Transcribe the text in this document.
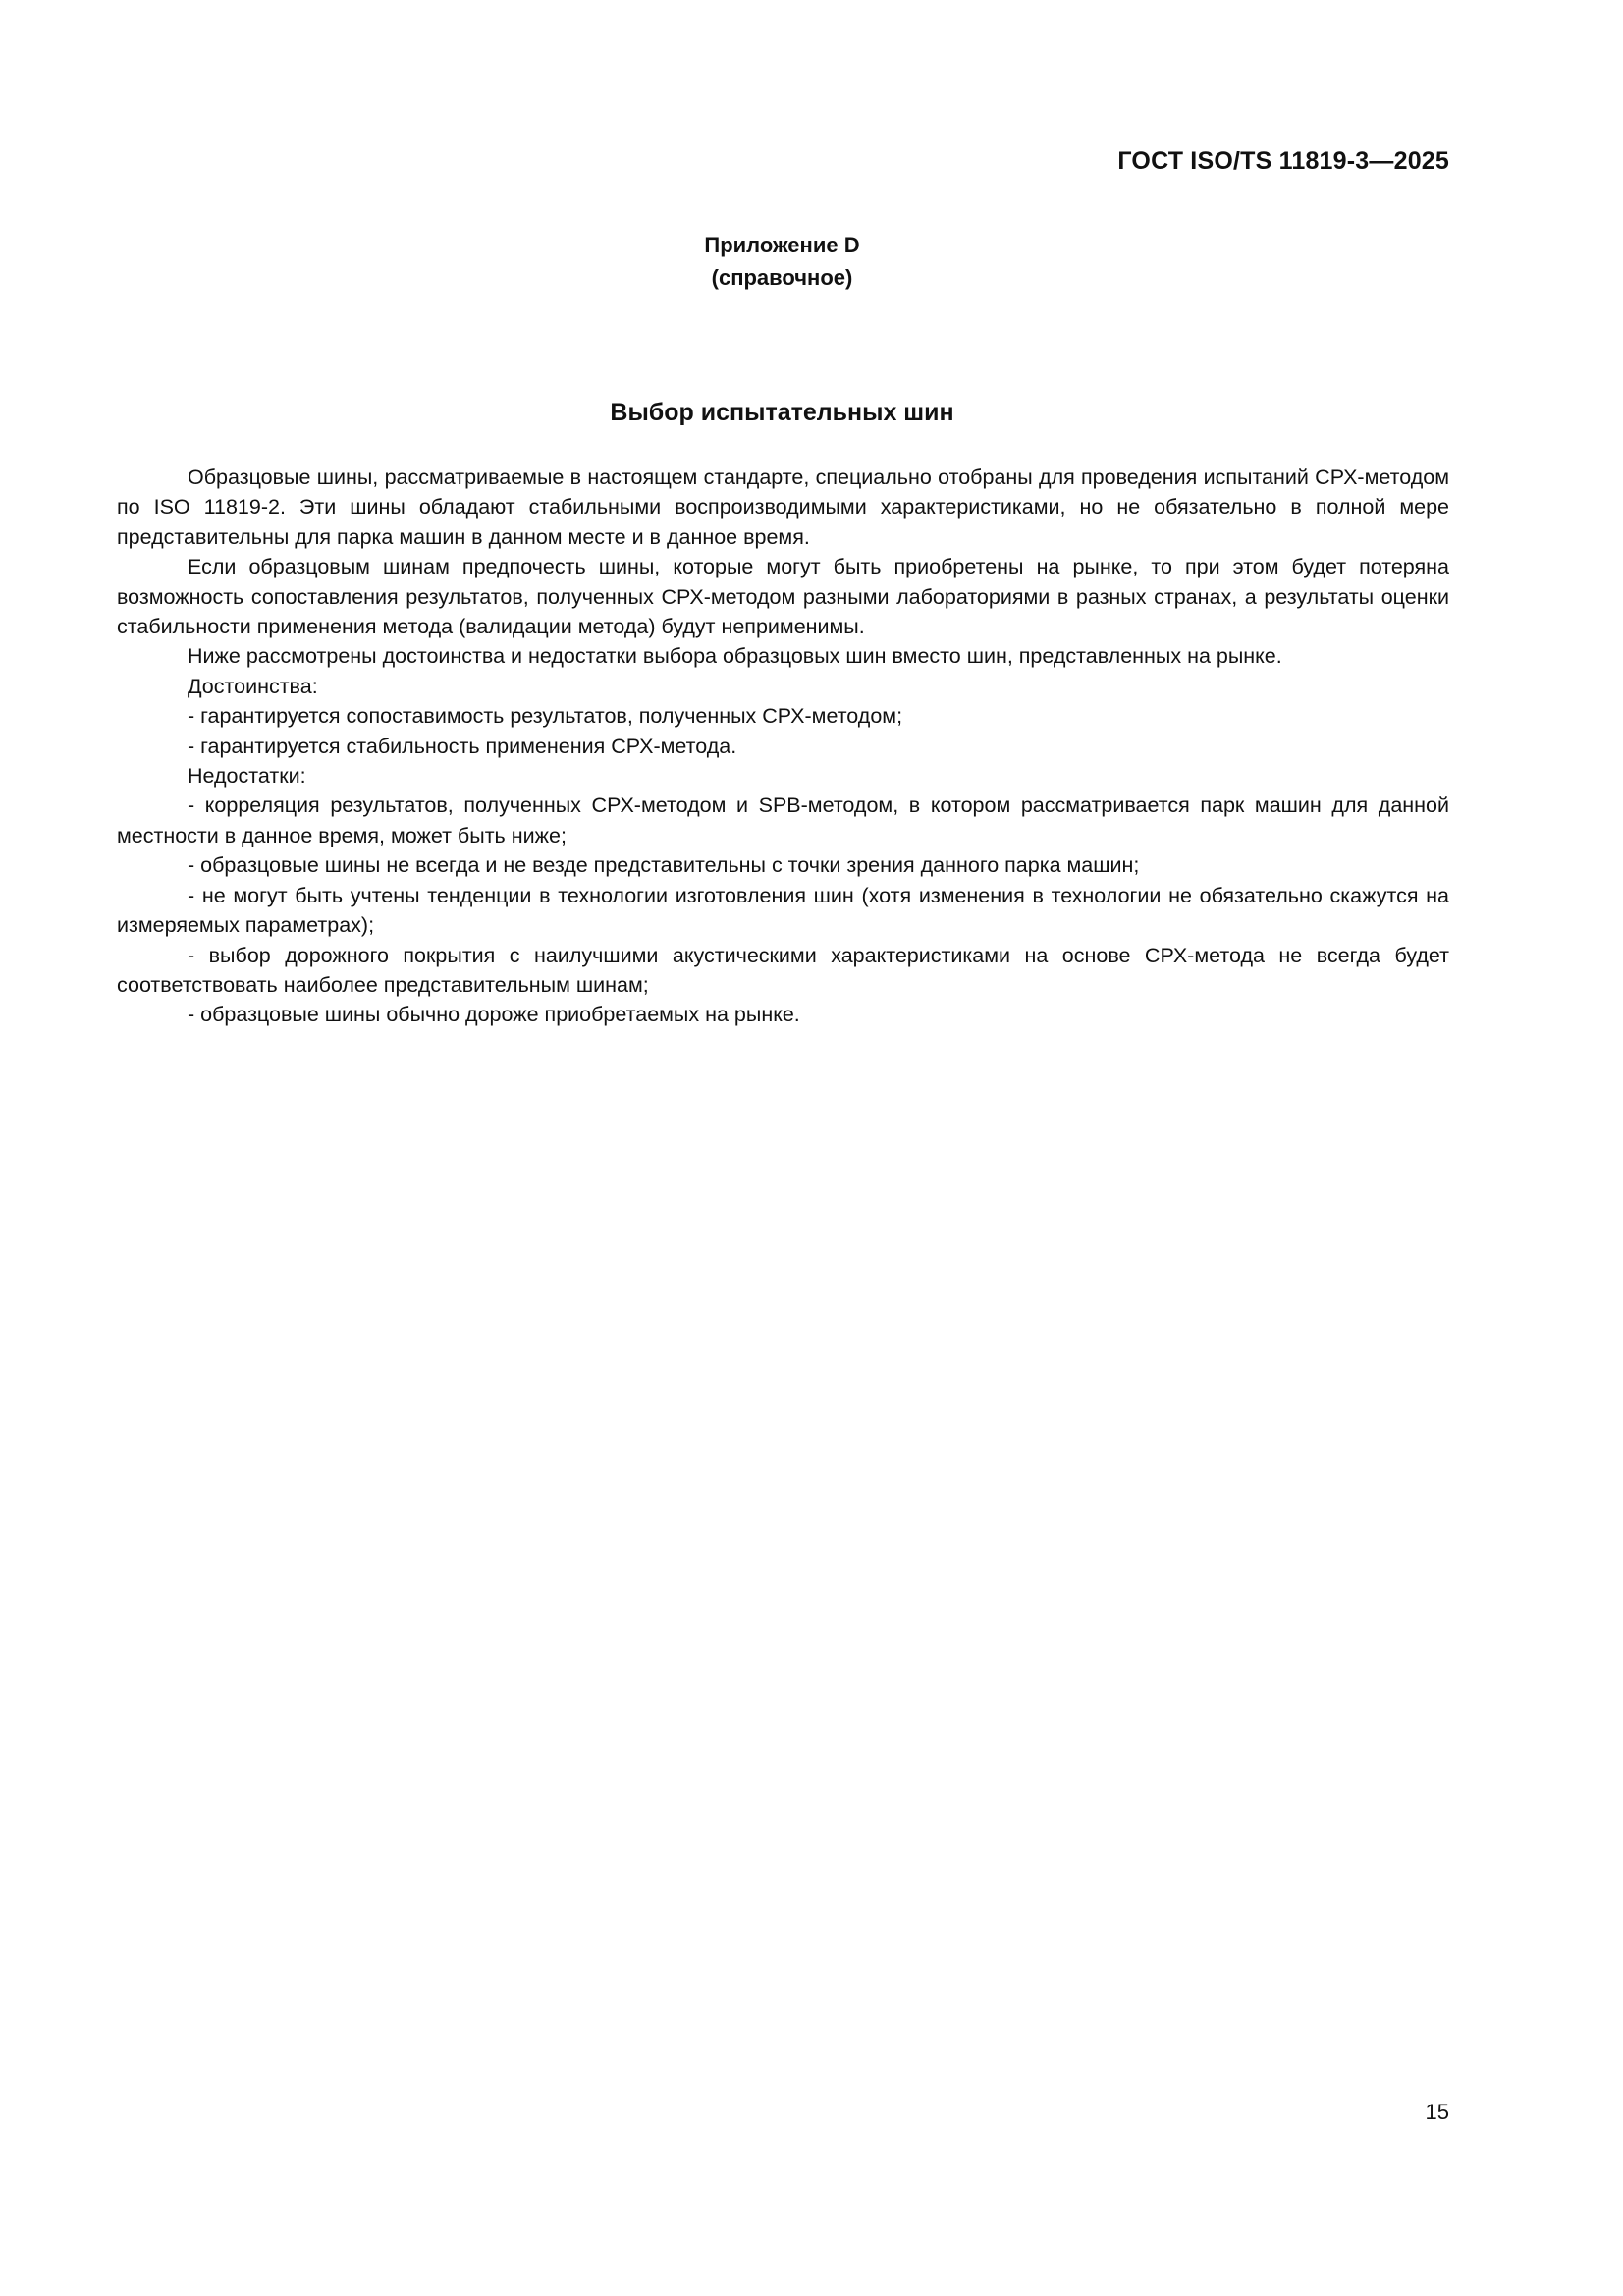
ГОСТ ISO/TS 11819-3—2025
Приложение D
(справочное)
Выбор испытательных шин

Образцовые шины, рассматриваемые в настоящем стандарте, специально отобраны для проведения испытаний СРХ-методом по ISO 11819-2. Эти шины обладают стабильными воспроизводимыми характеристиками, но не обязательно в полной мере представительны для парка машин в данном месте и в данное время.

Если образцовым шинам предпочесть шины, которые могут быть приобретены на рынке, то при этом будет потеряна возможность сопоставления результатов, полученных СРХ-методом разными лабораториями в разных странах, а результаты оценки стабильности применения метода (валидации метода) будут неприменимы.

Ниже рассмотрены достоинства и недостатки выбора образцовых шин вместо шин, представленных на рынке.

Достоинства:

- гарантируется сопоставимость результатов, полученных СРХ-методом;

- гарантируется стабильность применения СРХ-метода.

Недостатки:

- корреляция результатов, полученных СРХ-методом и SPB-методом, в котором рассматривается парк машин для данной местности в данное время, может быть ниже;

- образцовые шины не всегда и не везде представительны с точки зрения данного парка машин;

- не могут быть учтены тенденции в технологии изготовления шин (хотя изменения в технологии не обязательно скажутся на измеряемых параметрах);

- выбор дорожного покрытия с наилучшими акустическими характеристиками на основе СРХ-метода не всегда будет соответствовать наиболее представительным шинам;

- образцовые шины обычно дороже приобретаемых на рынке.

15
